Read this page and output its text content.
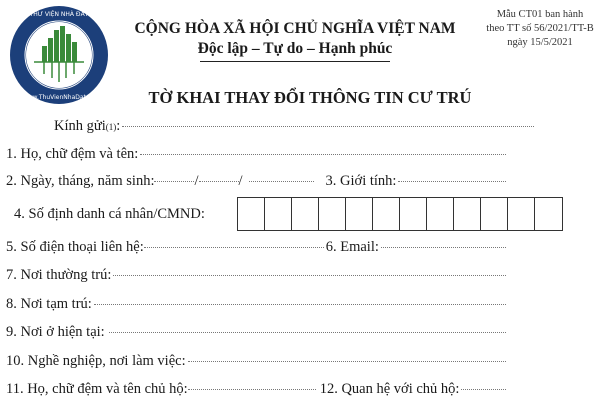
THƯ VIỆN NHÀ ĐẤT
www.ThuVienNhaDat.vn
CỘNG HÒA XÃ HỘI CHỦ NGHĨA VIỆT NAM
Độc lập – Tự do – Hạnh phúc
Mẫu CT01 ban hành
theo TT số 56/2021/TT-B
ngày 15/5/2021
TỜ KHAI THAY ĐỔI THÔNG TIN CƯ TRÚ
Kính gửi (1) :
1. Họ, chữ đệm và tên:
2. Ngày, tháng, năm sinh:	/	/	3. Giới tính:
4. Số định danh cá nhân/CMND:
5. Số điện thoại liên hệ:	6. Email:
7. Nơi thường trú:
8. Nơi tạm trú:
9. Nơi ở hiện tại:
10. Nghề nghiệp, nơi làm việc:
11. Họ, chữ đệm và tên chủ hộ:	12. Quan hệ với chủ hộ:
